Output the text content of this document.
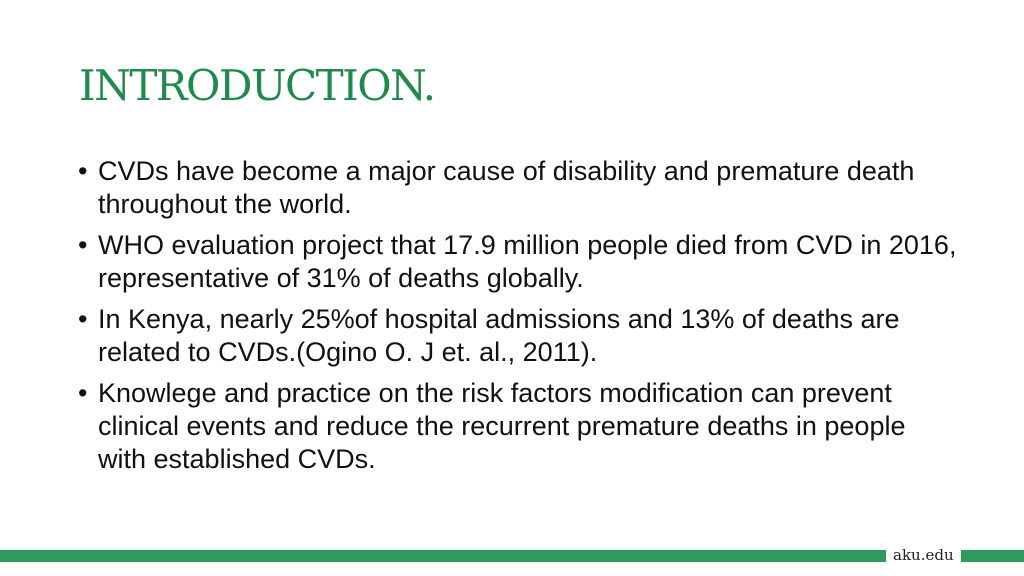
INTRODUCTION.
• CVDs have become a major cause of disability and premature death throughout the world.
• WHO evaluation project that 17.9 million people died from CVD in 2016, representative of 31% of deaths globally.
• In Kenya, nearly 25%of hospital admissions and 13% of deaths are related to CVDs.(Ogino O. J et. al., 2011).
• Knowlege and practice on the risk factors modification can prevent clinical events and reduce the recurrent premature deaths in people with established CVDs.
aku.edu
